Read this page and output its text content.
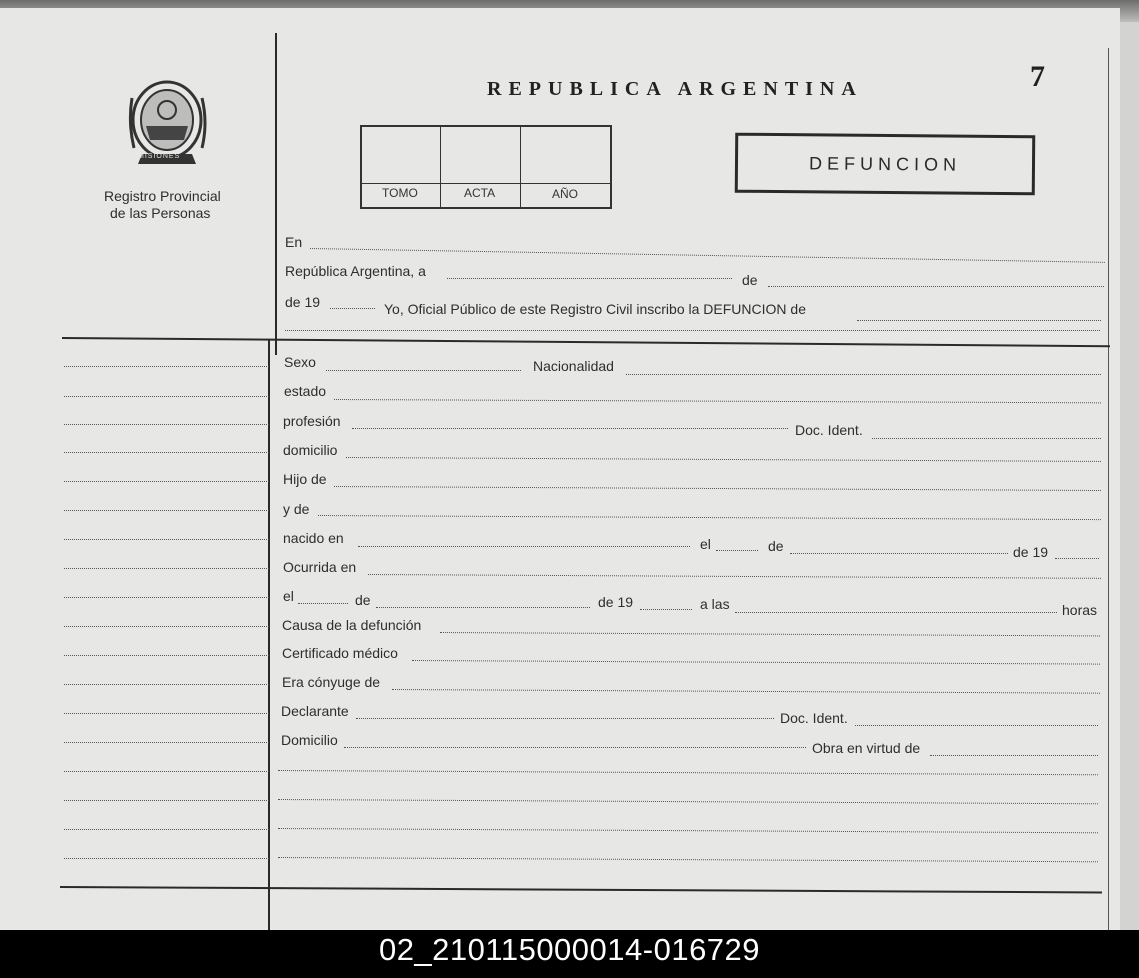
MISIONES
Registro Provincial
de las Personas
REPUBLICA ARGENTINA	7
TOMO	ACTA	AÑO
DEFUNCION
En
República Argentina, a
de
de 19	Yo, Oficial Público de este Registro Civil inscribo la DEFUNCION de
Sexo	Nacionalidad
estado
profesión
Doc. Ident.
domicilio
Hijo de
y de
nacido en	el	de	de 19
Ocurrida en
el	de	de 19	a las	horas
Causa de la defunción
Certificado médico
Era cónyuge de
Declarante	Doc. Ident.
Domicilio	Obra en virtud de
02_210115000014-016729
